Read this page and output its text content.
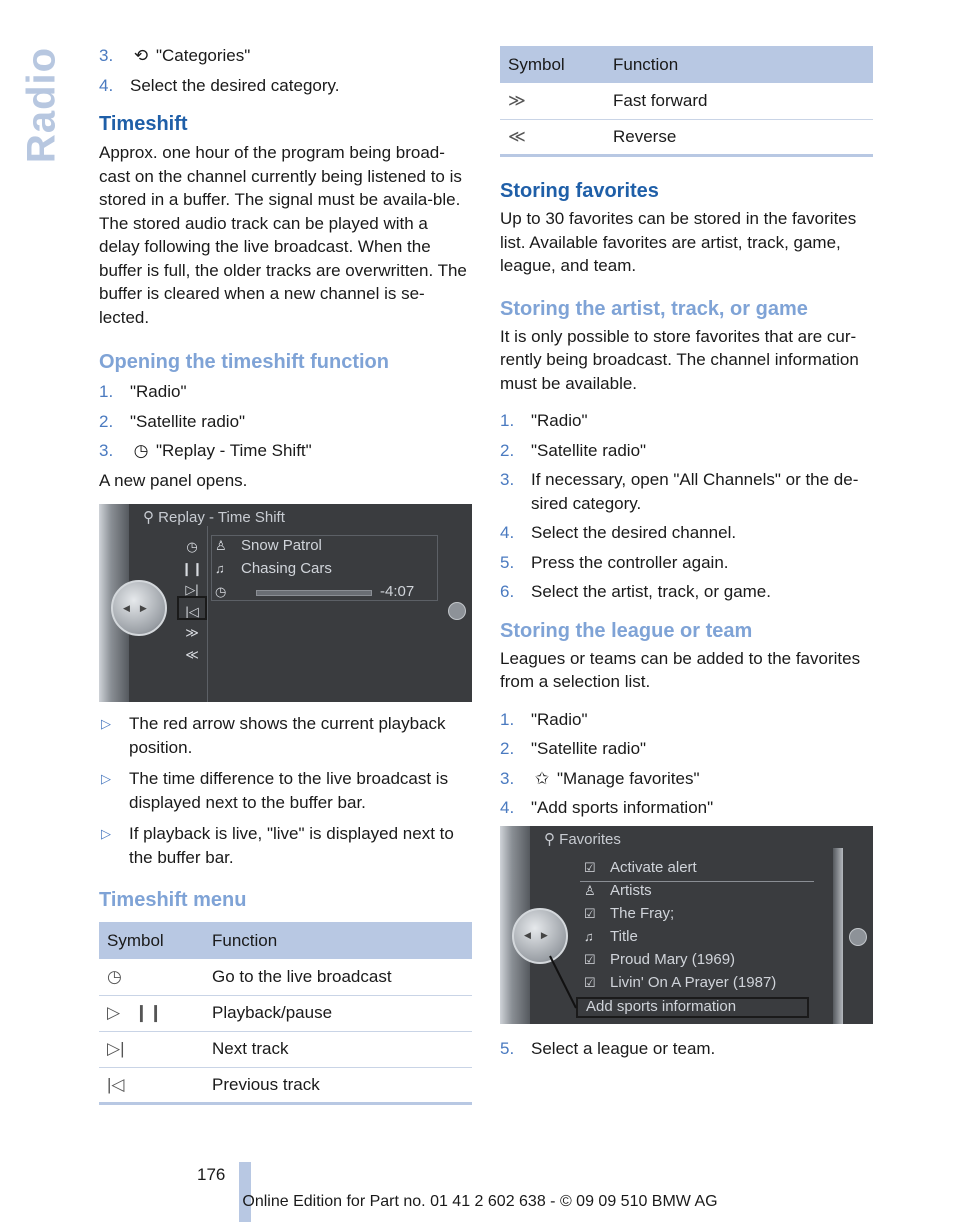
Radio 3. ⟲ "Categories"
4. Select the desired category.
Timeshift

Approx. one hour of the program being broad-cast on the channel currently being listened to is stored in a buffer. The signal must be availa-ble. The stored audio track can be played with a delay following the live broadcast. When the buffer is full, the older tracks are overwritten. The buffer is cleared when a new channel is se-lected.

Opening the timeshift function
1. "Radio"
2. "Satellite radio"
3. ◷ "Replay - Time Shift"

A new panel opens.

⚲ Replay - Time Shift
◀▶
◷
❙❙
▷|
|◁
≫
≪
♙ Snow Patrol
♫ Chasing Cars
◷	-4:07
▷ The red arrow shows the current playback position.
▷ The time difference to the live broadcast is displayed next to the buffer bar.
▷ If playback is live, "live" is displayed next to the buffer bar.
Timeshift menu
Symbol	Function
◷	Go to the live broadcast
▷   ❙❙	Playback/pause
▷|	Next track
|◁	Previous track
Symbol	Function
≫	Fast forward
≪	Reverse
Storing favorites

Up to 30 favorites can be stored in the favorites list. Available favorites are artist, track, game, league, and team.

Storing the artist, track, or game

It is only possible to store favorites that are cur-rently being broadcast. The channel information must be available.

1. "Radio"
2. "Satellite radio"
3. If necessary, open "All Channels" or the de-sired category.
4. Select the desired channel.
5. Press the controller again.
6. Select the artist, track, or game.
Storing the league or team

Leagues or teams can be added to the favorites from a selection list.

1. "Radio"
2. "Satellite radio"
3. ✩ "Manage favorites"
4. "Add sports information"
⚲ Favorites
◀▶
☑ Activate alert
♙ Artists
☑ The Fray;
♫ Title
☑ Proud Mary (1969)
☑ Livin' On A Prayer (1987)
Add sports information
5. Select a league or team.
176
Online Edition for Part no. 01 41 2 602 638 - © 09 09 510 BMW AG
